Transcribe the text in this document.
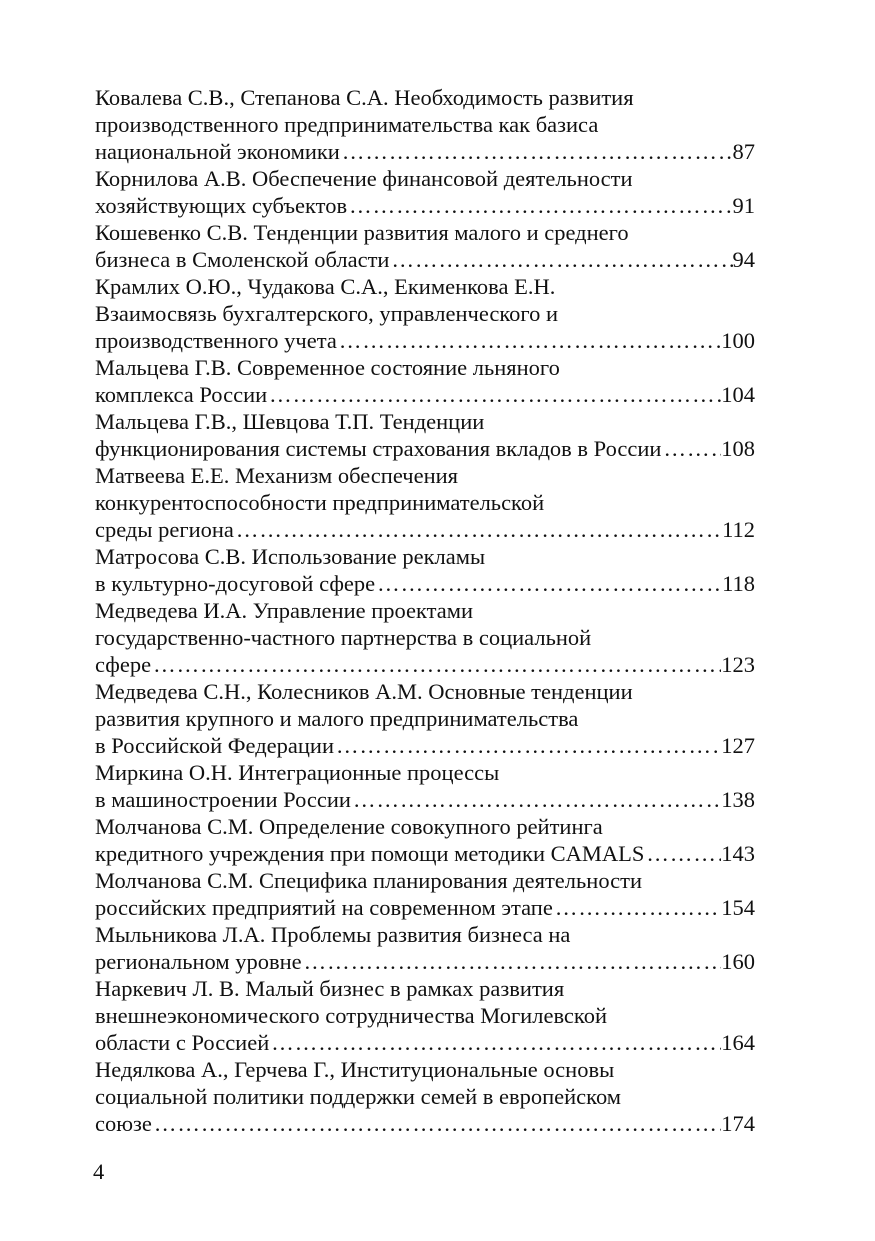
Ковалева С.В., Степанова С.А. Необходимость развития
производственного предпринимательства как базиса
национальной экономики …………………………………………………………………………………………………………………………………………	87
Корнилова А.В. Обеспечение финансовой деятельности
хозяйствующих субъектов …………………………………………………………………………………………………………………………………………	91
Кошевенко С.В. Тенденции развития малого и среднего
бизнеса в Смоленской области …………………………………………………………………………………………………………………………………………	94
Крамлих О.Ю., Чудакова С.А., Екименкова Е.Н.
Взаимосвязь бухгалтерского, управленческого и
производственного учета …………………………………………………………………………………………………………………………………………	100
Мальцева Г.В. Современное состояние льняного
комплекса России …………………………………………………………………………………………………………………………………………	104
Мальцева Г.В., Шевцова Т.П. Тенденции
функционирования системы страхования вкладов в России …………………………………………………………………………………………………………………………………………	108
Матвеева Е.Е. Механизм обеспечения
конкурентоспособности предпринимательской
среды региона …………………………………………………………………………………………………………………………………………	112
Матросова С.В. Использование рекламы
в культурно-досуговой сфере …………………………………………………………………………………………………………………………………………	118
Медведева И.А. Управление проектами
государственно-частного партнерства в социальной
сфере …………………………………………………………………………………………………………………………………………	123
Медведева С.Н., Колесников А.М. Основные тенденции
развития крупного и малого предпринимательства
в Российской Федерации …………………………………………………………………………………………………………………………………………	127
Миркина О.Н. Интеграционные процессы
в машиностроении России …………………………………………………………………………………………………………………………………………	138
Молчанова С.М. Определение совокупного рейтинга
кредитного учреждения при помощи методики CAMALS …………………………………………………………………………………………………………………………………………	143
Молчанова С.М. Специфика планирования деятельности
российских предприятий на современном этапе …………………………………………………………………………………………………………………………………………	154
Мыльникова Л.А. Проблемы развития бизнеса на
региональном уровне …………………………………………………………………………………………………………………………………………	160
Наркевич Л. В. Малый бизнес в рамках развития
внешнеэкономического сотрудничества Могилевской
области с Россией …………………………………………………………………………………………………………………………………………	164
Недялкова А., Герчева Г., Институциональные основы
социальной политики поддержки семей в европейском
союзе …………………………………………………………………………………………………………………………………………	174
4
